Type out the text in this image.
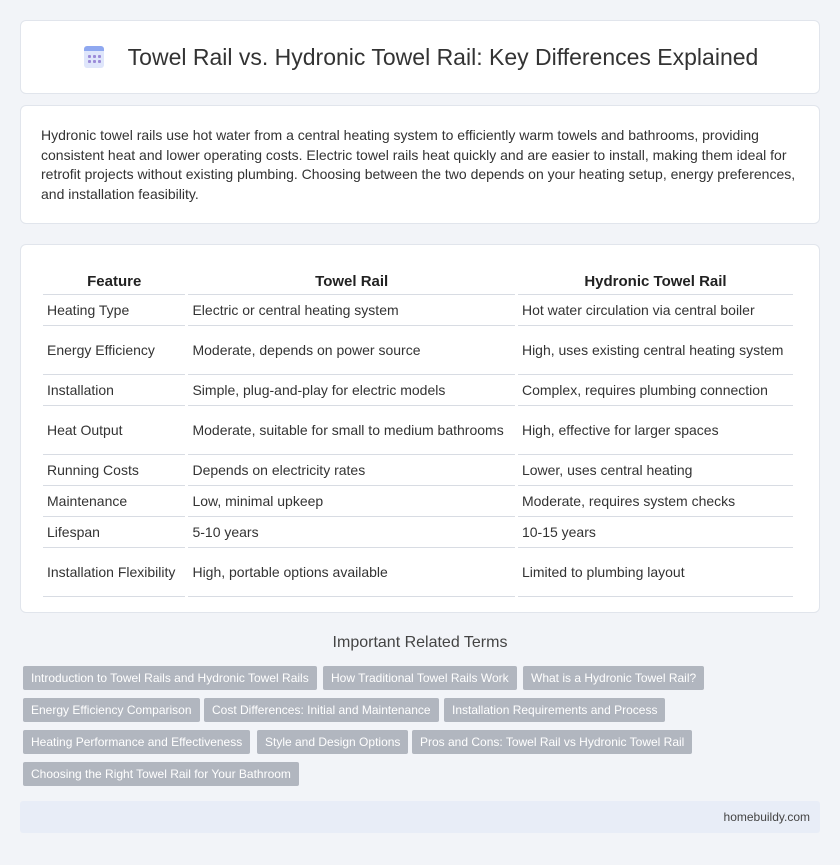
Towel Rail vs. Hydronic Towel Rail: Key Differences Explained

Hydronic towel rails use hot water from a central heating system to efficiently warm towels and bathrooms, providing consistent heat and lower operating costs. Electric towel rails heat quickly and are easier to install, making them ideal for retrofit projects without existing plumbing. Choosing between the two depends on your heating setup, energy preferences, and installation feasibility.

Feature	Towel Rail	Hydronic Towel Rail
Heating Type	Electric or central heating system	Hot water circulation via central boiler
Energy Efficiency	Moderate, depends on power source	High, uses existing central heating system
Installation	Simple, plug-and-play for electric models	Complex, requires plumbing connection
Heat Output	Moderate, suitable for small to medium bathrooms	High, effective for larger spaces
Running Costs	Depends on electricity rates	Lower, uses central heating
Maintenance	Low, minimal upkeep	Moderate, requires system checks
Lifespan	5-10 years	10-15 years
Installation Flexibility	High, portable options available	Limited to plumbing layout
Important Related Terms
Introduction to Towel Rails and Hydronic Towel Rails	How Traditional Towel Rails Work	What is a Hydronic Towel Rail?
Energy Efficiency Comparison	Cost Differences: Initial and Maintenance	Installation Requirements and Process
Heating Performance and Effectiveness	Style and Design Options	Pros and Cons: Towel Rail vs Hydronic Towel Rail
Choosing the Right Towel Rail for Your Bathroom
homebuildy.com
